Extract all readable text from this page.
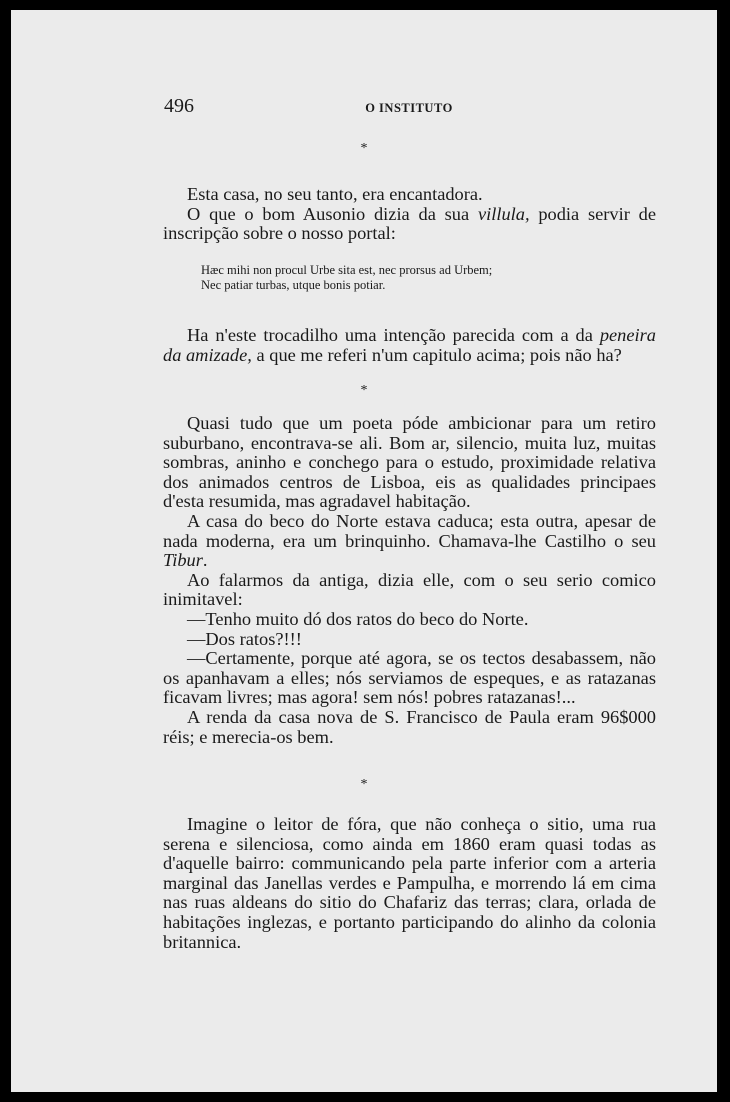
496	O INSTITUTO
*

Esta casa, no seu tanto, era encantadora.

O que o bom Ausonio dizia da sua villula, podia servir de inscripção sobre o nosso portal:

Hæc mihi non procul Urbe sita est, nec prorsus ad Urbem;

Nec patiar turbas, utque bonis potiar.

Ha n'este trocadilho uma intenção parecida com a da peneira da amizade, a que me referi n'um capitulo acima; pois não ha?

*

Quasi tudo que um poeta póde ambicionar para um retiro suburbano, encontrava-se ali. Bom ar, silencio, muita luz, muitas sombras, aninho e conchego para o estudo, proximidade relativa dos animados centros de Lisboa, eis as qualidades principaes d'esta resumida, mas agradavel habitação.

A casa do beco do Norte estava caduca; esta outra, apesar de nada moderna, era um brinquinho. Chamava-lhe Castilho o seu Tibur.

Ao falarmos da antiga, dizia elle, com o seu serio comico inimitavel:

—Tenho muito dó dos ratos do beco do Norte.

—Dos ratos?!!!

—Certamente, porque até agora, se os tectos desabassem, não os apanhavam a elles; nós serviamos de espeques, e as ratazanas ficavam livres; mas agora! sem nós! pobres ratazanas!...

A renda da casa nova de S. Francisco de Paula eram 96$000 réis; e merecia-os bem.

*

Imagine o leitor de fóra, que não conheça o sitio, uma rua serena e silenciosa, como ainda em 1860 eram quasi todas as d'aquelle bairro: communicando pela parte inferior com a arteria marginal das Janellas verdes e Pampulha, e morrendo lá em cima nas ruas aldeans do sitio do Chafariz das terras; clara, orlada de habitações inglezas, e portanto participando do alinho da colonia britannica.
